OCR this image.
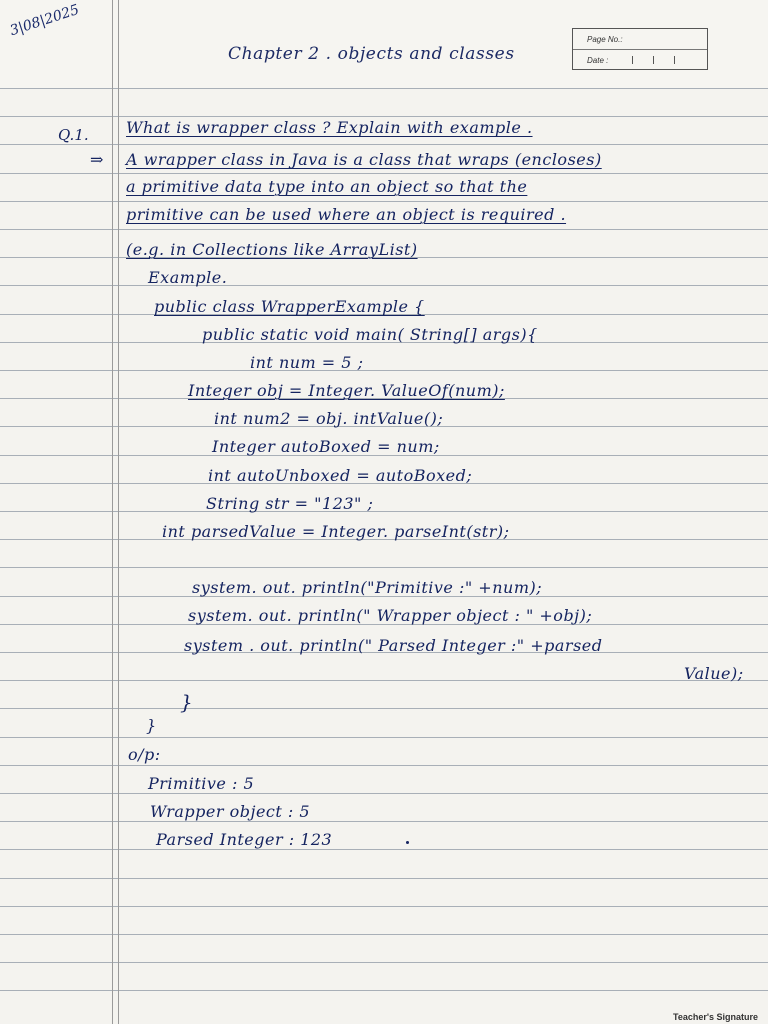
Page No.:
Date :
3|08|2025
Chapter 2 . objects and classes
Q.1. What is wrapper class ? Explain with example .
⇒ A wrapper class in Java is a class that wraps (encloses)
a primitive data type into an object so that the
primitive can be used where an object is required .
(e.g. in Collections like ArrayList)
Example.
public class WrapperExample {
public static void main( String[] args){
int num = 5 ;
Integer obj = Integer. ValueOf(num);
int num2 = obj. intValue();
Integer autoBoxed = num;
int autoUnboxed = autoBoxed;
String str = "123" ;
int parsedValue = Integer. parseInt(str);
system. out. println("Primitive :" +num);
system. out. println(" Wrapper object : " +obj);
system . out. println(" Parsed Integer :" +parsed
Value);
}
}
o/p:
Primitive : 5
Wrapper object : 5
Parsed Integer : 123
Teacher's Signature
